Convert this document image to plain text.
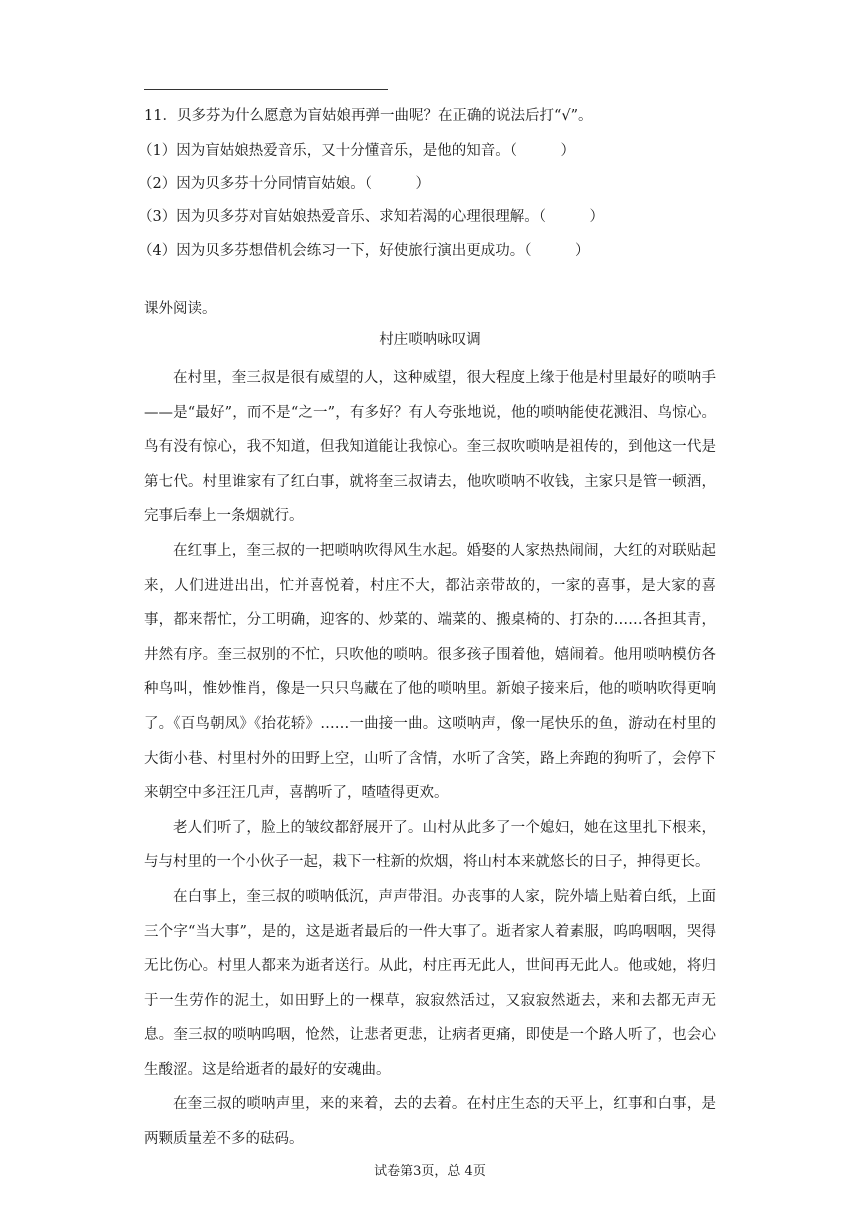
11．贝多芬为什么愿意为盲姑娘再弹一曲呢？在正确的说法后打“√”。
（1）因为盲姑娘热爱音乐，又十分懂音乐，是他的知音。（　　　）
（2）因为贝多芬十分同情盲姑娘。（　　　）
（3）因为贝多芬对盲姑娘热爱音乐、求知若渴的心理很理解。（　　　）
（4）因为贝多芬想借机会练习一下，好使旅行演出更成功。（　　　）
课外阅读。
村庄唢呐咏叹调

在村里，奎三叔是很有威望的人，这种威望，很大程度上缘于他是村里最好的唢呐手——是“最好”，而不是“之一”，有多好？有人夸张地说，他的唢呐能使花溅泪、鸟惊心。鸟有没有惊心，我不知道，但我知道能让我惊心。奎三叔吹唢呐是祖传的，到他这一代是第七代。村里谁家有了红白事，就将奎三叔请去，他吹唢呐不收钱，主家只是管一顿酒，完事后奉上一条烟就行。

在红事上，奎三叔的一把唢呐吹得风生水起。婚娶的人家热热闹闹，大红的对联贴起来，人们进进出出，忙并喜悦着，村庄不大，都沾亲带故的，一家的喜事，是大家的喜事，都来帮忙，分工明确，迎客的、炒菜的、端菜的、搬桌椅的、打杂的……各担其青，井然有序。奎三叔别的不忙，只吹他的唢呐。很多孩子围着他，嬉闹着。他用唢呐模仿各种鸟叫，惟妙惟肖，像是一只只鸟藏在了他的唢呐里。新娘子接来后，他的唢呐吹得更响了。《百鸟朝凤》《抬花轿》……一曲接一曲。这唢呐声，像一尾快乐的鱼，游动在村里的大街小巷、村里村外的田野上空，山听了含情，水听了含笑，路上奔跑的狗听了，会停下来朝空中多汪汪几声，喜鹊听了，喳喳得更欢。

老人们听了，脸上的皱纹都舒展开了。山村从此多了一个媳妇，她在这里扎下根来，与与村里的一个小伙子一起，栽下一柱新的炊烟，将山村本来就悠长的日子，抻得更长。

在白事上，奎三叔的唢呐低沉，声声带泪。办丧事的人家，院外墙上贴着白纸，上面三个字“当大事”，是的，这是逝者最后的一件大事了。逝者家人着素服，呜呜咽咽，哭得无比伤心。村里人都来为逝者送行。从此，村庄再无此人，世间再无此人。他或她，将归于一生劳作的泥土，如田野上的一棵草，寂寂然活过，又寂寂然逝去，来和去都无声无息。奎三叔的唢呐呜咽，怆然，让悲者更悲，让病者更痛，即使是一个路人听了，也会心生酸涩。这是给逝者的最好的安魂曲。

在奎三叔的唢呐声里，来的来着，去的去着。在村庄生态的天平上，红事和白事，是两颗质量差不多的砝码。

试卷第3页，总 4页
